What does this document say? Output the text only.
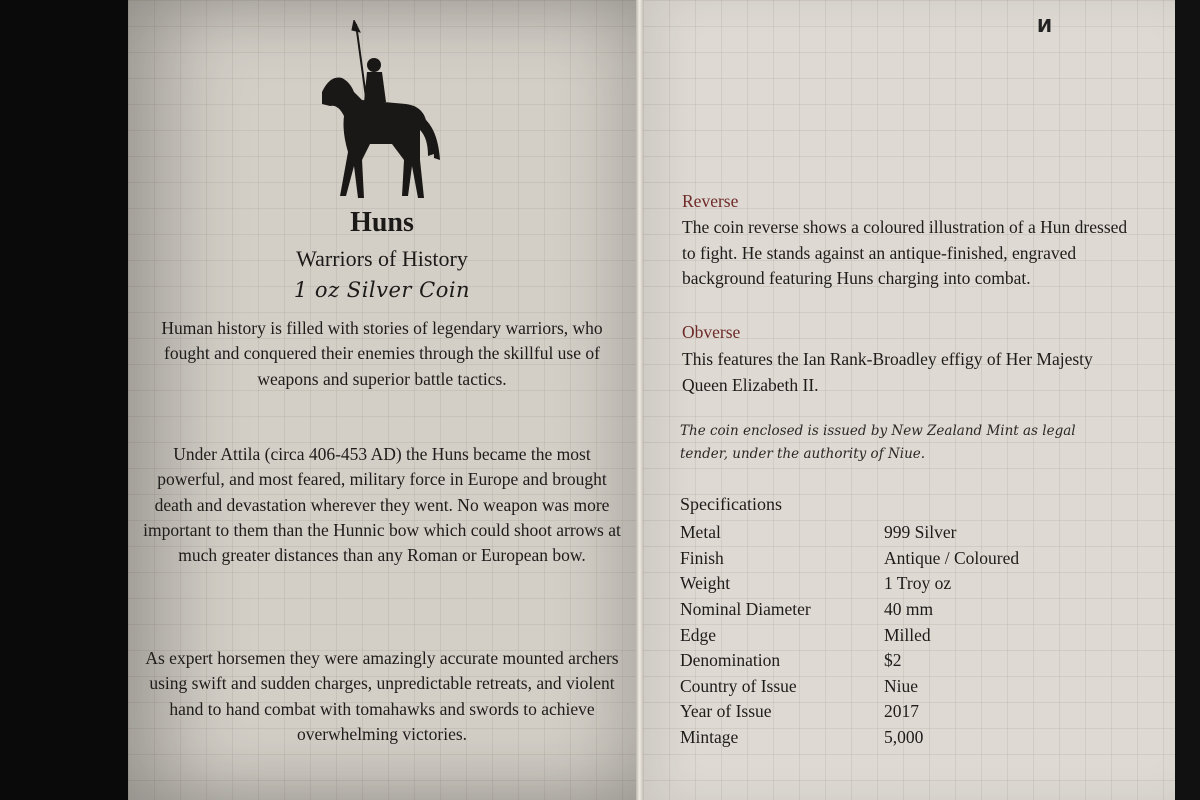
Huns
Warriors of History
1 oz Silver Coin

Human history is filled with stories of legendary warriors, who fought and conquered their enemies through the skillful use of weapons and superior battle tactics.

Under Attila (circa 406-453 AD) the Huns became the most powerful, and most feared, military force in Europe and brought death and devastation wherever they went. No weapon was more important to them than the Hunnic bow which could shoot arrows at much greater distances than any Roman or European bow.

As expert horsemen they were amazingly accurate mounted archers using swift and sudden charges, unpredictable retreats, and violent hand to hand combat with tomahawks and swords to achieve overwhelming victories.

И
Reverse

The coin reverse shows a coloured illustration of a Hun dressed to fight. He stands against an antique-finished, engraved background featuring Huns charging into combat.

Obverse

This features the Ian Rank-Broadley effigy of Her Majesty Queen Elizabeth II.

The coin enclosed is issued by New Zealand Mint as legal tender, under the authority of Niue.

Specifications
Metal	999 Silver
Finish	Antique / Coloured
Weight	1 Troy oz
Nominal Diameter	40 mm
Edge	Milled
Denomination	$2
Country of Issue	Niue
Year of Issue	2017
Mintage	5,000
